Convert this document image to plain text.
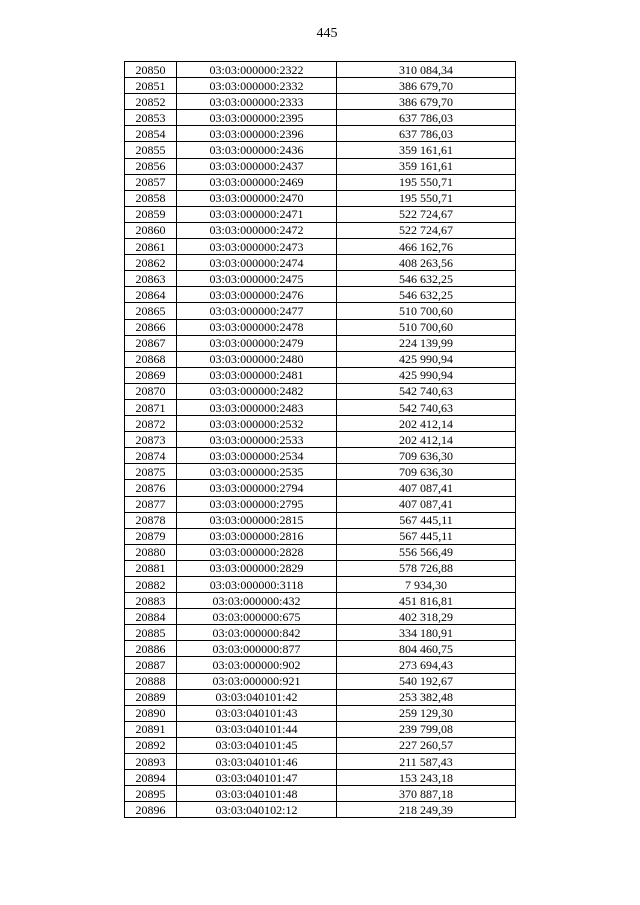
445
20850	03:03:000000:2322	310 084,34
20851	03:03:000000:2332	386 679,70
20852	03:03:000000:2333	386 679,70
20853	03:03:000000:2395	637 786,03
20854	03:03:000000:2396	637 786,03
20855	03:03:000000:2436	359 161,61
20856	03:03:000000:2437	359 161,61
20857	03:03:000000:2469	195 550,71
20858	03:03:000000:2470	195 550,71
20859	03:03:000000:2471	522 724,67
20860	03:03:000000:2472	522 724,67
20861	03:03:000000:2473	466 162,76
20862	03:03:000000:2474	408 263,56
20863	03:03:000000:2475	546 632,25
20864	03:03:000000:2476	546 632,25
20865	03:03:000000:2477	510 700,60
20866	03:03:000000:2478	510 700,60
20867	03:03:000000:2479	224 139,99
20868	03:03:000000:2480	425 990,94
20869	03:03:000000:2481	425 990,94
20870	03:03:000000:2482	542 740,63
20871	03:03:000000:2483	542 740,63
20872	03:03:000000:2532	202 412,14
20873	03:03:000000:2533	202 412,14
20874	03:03:000000:2534	709 636,30
20875	03:03:000000:2535	709 636,30
20876	03:03:000000:2794	407 087,41
20877	03:03:000000:2795	407 087,41
20878	03:03:000000:2815	567 445,11
20879	03:03:000000:2816	567 445,11
20880	03:03:000000:2828	556 566,49
20881	03:03:000000:2829	578 726,88
20882	03:03:000000:3118	7 934,30
20883	03:03:000000:432	451 816,81
20884	03:03:000000:675	402 318,29
20885	03:03:000000:842	334 180,91
20886	03:03:000000:877	804 460,75
20887	03:03:000000:902	273 694,43
20888	03:03:000000:921	540 192,67
20889	03:03:040101:42	253 382,48
20890	03:03:040101:43	259 129,30
20891	03:03:040101:44	239 799,08
20892	03:03:040101:45	227 260,57
20893	03:03:040101:46	211 587,43
20894	03:03:040101:47	153 243,18
20895	03:03:040101:48	370 887,18
20896	03:03:040102:12	218 249,39
